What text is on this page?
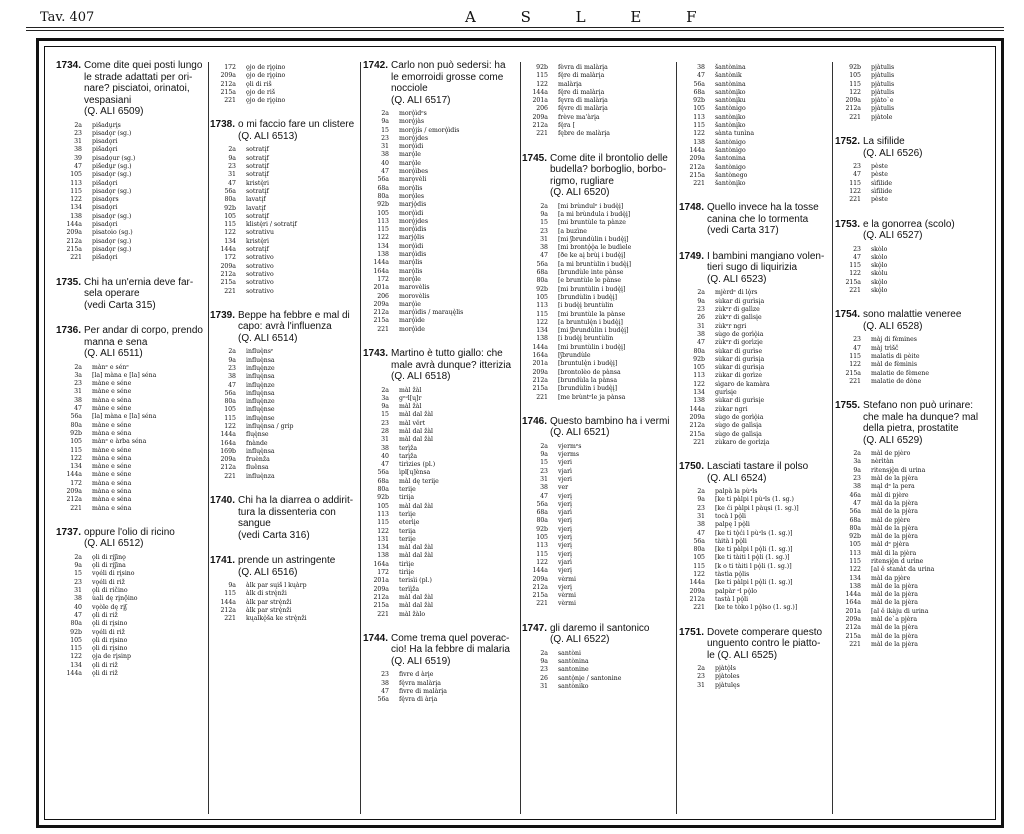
Tav. 407	A S L E F
1734. Come dite quei posti lungo
le strade adattati per ori-
nare? pisciatoi, orinatoi,
vespasiani
(Q. ALI 6509)
2a	pišadu̯ri̯s
23	pisadǫr (sg.)
31	pisadǫri
38	pišadǫri
39	pisadǫur (sg.)
47	pišedu̯r (sg.)
105	pisadǫr (sg.)
113	pišadǫri
115	pisadǫr (sg.)
122	pisadǫrs
134	pisadǫri
138	pisadǫr (sg.)
144a	pisadǫri
209a	pisatoio (sg.)
212a	pisadǫr (sg.)
215a	pisadǫr (sg.)
221	pišadǫri
1735. Chi ha un'ernia deve far-
sela operare
(vedi Carta 315)
1736. Per andar di corpo, prendo
manna e sena
(Q. ALI 6511)
2a	mànᵉ e sénᵉ
3a	[la] màna e [la] séna
23	màne e séne
31	màne e séne
38	màna e séna
47	màne e séne
56a	[la] màna e [la] séna
80a	màne e séne
92b	màna e séna
105	mànᵉ e àrba séna
115	màne e séne
122	màna e séna
134	màne e séne
144a	màne e séne
172	màna e séna
209a	màna e séna
212a	màna e séna
221	màna e séna
1737. oppure l'olio di ricino
(Q. ALI 6512)
2a	ǫli di ri̯ʃinǫ
9a	ǫli di ri̯ʃina
15	vǫéli di ri̯sino
23	vǫéli di riž
31	ǫli di ričino
38	ùali dę ri̯nǭino
40	vǫòle dę ri̯ʃ
47	ǫli di riž
80a	ǫli di ri̯sino
92b	vǫéli di riž
105	ǫli di ri̯sino
115	ǫli di ri̯sino
122	ǫja de ri̯sinp
134	ǫli di riž
144a	ǫli di riž
172	ǫjo de ri̯ǫino
209a	ǫjo de ri̯ǫino
212a	ǫli di riš
215a	ǫjo de riš
221	ǫjo de ri̯ǫino
1738. o mi faccio fare un clistere
(Q. ALI 6513)
2a	sotratįf
9a	sotratįf
23	sotratįf
31	sotratįf
47	kristę̀ri
56a	sotratįf
80a	lavatįf
92b	lavatįf
105	sotratįf
115	klistę̀ri / sotratįf
122	sotrativu
134	kristę̀ri
144a	sotratįf
172	sotrativo
209a	sotrativo
212a	sotrativo
215a	sotrativo
221	sotrativo
1739. Beppe ha febbre e mal di
capo: avrà l'influenza
(Q. ALI 6514)
2a	influę̀nsᵉ
9a	influę̀nsa
23	inflųę̀nze
38	inflųę̀nsa
47	inflųę̀nze
56a	inflųę̀nsa
80a	inflųę̀nze
105	inflųę̀nse
115	inflųę̀nse
122	inflųę̀nsa / grip
144a	flųę̀nse
164a	fnànde
169b	inflųę̀nsa
209a	fruènža
212a	fluè̀nsa
221	influę̀nza
1740. Chi ha la diarrea o addirit-
tura la dissenteria con
sangue
(vedi Carta 316)
1741. prende un astringente
(Q. ALI 6516)
9a	àlk par sųiš l kųàrp
115	àlk di strę̀nži
144a	àlk par strę̀nži
212a	àlk par strę̀nži
221	kųalkǫ̀ša ke strę̀nži
1742. Carlo non può sedersi: ha
le emorroidi grosse come
nocciole
(Q. ALI 6517)
2a	morǫ̀ìdᵉs
9a	morǫ̀jàs
15	morǫ̀jís / emorǫ̀ìdis
23	morǫ̀jdes
31	morǫ̀ìdi
38	marǫ̀le
40	marǫ̀le
47	morǫ̀ìbes
56a	marǫvèli
68a	morǫ̀lis
80a	morǫ̀les
92b	marjǫ̀dis
105	morǫ̀ìdi
113	morǫ̀jdes
115	morǫ̀ìdis
122	marjǫ̀lis
134	morǫ̀ìdi
138	marǫ̀ìdis
144a	marǫ̀lis
164a	marǫ̀lis
172	morǫ̀le
201a	marovèlis
206	morovèlis
209a	marǫ̀ìe
212a	marǫ̀ìdis / maraųę̀lis
215a	marǫ̀ìde
221	morǫ̀ìde
1743. Martino è tutto giallo: che
male avrà dunque? itterizia
(Q. ALI 6518)
2a	màl žàl
3a	gᵉᵊl[ų]r
9a	màl žàl
15	màl dal žàl
23	màl věrt
28	màl dal žàl
31	màl dal žàl
38	terį̀ža
40	tarį̀ža
47	tirìzies (pl.)
56a	ìpl[ų]ènsa
68a	màl dę teriįe
80a	teriįe
92b	tiriįa
105	màl dal žàl
113	terìįe
115	eterìįe
122	teriįa
131	teriįe
134	màl dal žàl
138	màl dal žàl
164a	tirìįe
172	tirìįe
201a	terisìi (pl.)
209a	terìį̀ža
212a	màl dal žàl
215a	màl dal žàl
221	màl žàlo
1744. Come trema quel poverac-
cio! Ha la febbre di malaria
(Q. ALI 6519)
23	fivre d àrįe
38	fę̀vra malàrįa
47	fivre di malàrįa
56a	fę̀vra di àrįa
92b	fèvra di malàrįa
115	fę̀re di malàrįa
122	malàrįa
144a	fę̀re di malàrįa
201a	fęvra di malàrįa
206	fę̀vre di malàrįa
209a	frève ma'àrįa
212a	fę̀ra [
221	fębre de malàrįa
1745. Come dite il brontolio delle
budella? borboglio, borbo-
rigmo, rugliare
(Q. ALI 6520)
2a	[mi brùndulᵉ i budę̀į]
9a	[a mi brùndula i budę̀į]
15	[mi bruntùle ta pànze
23	[a buzìne
31	[mi ʃbrundùlin i budę̀į]
38	[mi brontǫ̀ǫ̀a le budìele
47	[ðe ke aį brùį i budę̀į]
56a	[a mi bruntùlin i budę̀į]
68a	[brundùle inte pànse
80a	[e bruntùle le pànse
92b	[mi bruntùlin i budę̀į]
105	[brundùlin i budę̀į]
113	[i budę̀į bruntùlin
115	[mi bruntùle la pànse
122	[a bruntulę̀n i budę̀į]
134	[mi ʃbrundùlin i budę̀į]
138	[i budę̀į bruntùlin
144a	[mi bruntùlin i budę̀į]
164a	[ʃbrundùle
201a	[bruntulę̀n i budę̀į]
209a	[brontolèo de pànsa
212a	[brundùla la pànsa
215a	[brundùlin i budę̀į]
221	[me brùntᵉle ja pànsa
1746. Questo bambino ha i vermi
(Q. ALI 6521)
2a	vjermᵉs
9a	vjerms
15	vjeri
23	vjarì
31	vjeri
38	ver
47	vjerį
56a	vjerį
68a	vjarì
80a	vjerį
92b	vjerį
105	vjerį
113	vjerį
115	vjerį
122	vjarì
144a	vjerį
209a	vèrmi
212a	vjerį
215a	vèrmi
221	vèrmi
1747. gli daremo il santonico
(Q. ALI 6522)
2a	santòni
9a	santònina
23	santonine
26	santǫ̀nįe / santonine
31	santòniko
38	šantònina
47	šantònik
56a	santònina
68a	santònįko
92b	santònįku
105	šantònigo
113	santònįko
115	šantònįko
122	sànta tunìna
138	šantònigo
144a	šantònigo
209a	šantonina
212a	šantònigo
215a	šantònego
221	šantònįko
1748. Quello invece ha la tosse
canina che lo tormenta
(vedi Carta 317)
1749. I bambini mangiano volen-
tieri sugo di liquirizia
(Q. ALI 6523)
2a	mjèrdᵉ di lǫ̀rs
9a	sùkar di gurìsįa
23	zùkᵉr di galìze
26	zùkᵉr di galìsįe
31	zùkᵉr ngri
38	sùgo de gorìǫ̀ia
47	zùkᵉr di gorìzįe
80a	sùkar di gurìse
92b	sùkar di gurìsįa
105	sùkar di gurìsįa
113	zùkar di gorìze
122	sìgaro de kamàra
134	gurìsįe
138	sùkar di gurìsįe
144a	zùkar ngri
209a	sùgo de gorìǫ̀ia
212a	sùgo de galìsįa
215a	sùgo de galìsįa
221	zùkaro de gorìzįa
1750. Lasciati tastare il polso
(Q. ALI 6524)
2a	palpà la pùᵊls
9a	[ke ti pàlpi l pùᵊls (1. sg.)
23	[ke ći pàlpi l pàųsi (1. sg.)]
31	tocà l pǫ̀li
38	palpę l pǫ̀li
47	[ke ti tǫ̀ći l pùᵊls (1. sg.)]
56a	tàità l pǫ̀li
80a	[ke ti pàlpi l pǫ̀li (1. sg.)]
105	[ke ti tàiti l pǫ̀li (1. sg.)]
115	[k o ti tàiti l pǫ̀li (1. sg.)]
122	tàstìa pǫ̀lis
144a	[ke ti pàlpi l pǫ̀li (1. sg.)]
209a	palpàr ᵊl pǫ̀lo
212a	tastà l pǫ̀li
221	[ke te tòko l pǫ̀lso (1. sg.)]
1751. Dovete comperare questo
unguento contro le piatto-
le (Q. ALI 6525)
2a	pjàtǫ̀ls
23	pjàtoles
31	pjàtulęs
92b	pjàtulis
105	pjàtulis
115	pjàtulis
122	pjàtulis
209a	pjàto`e
212a	pjàtulis
221	pjàtole
1752. La sifilide
(Q. ALI 6526)
23	pèste
47	pèste
115	sìfìlide
122	sìfìlide
221	pèste
1753. e la gonorrea (scolo)
(Q. ALI 6527)
23	skòlo
47	skòlo
115	skǫ̀lo
122	skòlu
215a	skǫ̀lo
221	skǫ̀lo
1754. sono malattie veneree
(Q. ALI 6528)
23	màj di fèmines
47	màj trìšč
115	malatìs di pèite
122	màl de fèminis
215a	malatie de fèmene
221	malatie de dòne
1755. Stefano non può urinare:
che male ha dunque? mal
della pietra, prostatite
(Q. ALI 6529)
2a	màl de pjèro
3a	nèrìtàn
9a	ritensjǫ̀n di urina
23	màl de la pjèra
38	mąl dᵉ la pera
46a	màl di pjère
47	màl da la pjèra
56a	màl de la pjèra
68a	màl de pjère
80a	màl de la pjèra
92b	màl de la pjèra
105	màl dᵉ pjèra
113	màl di la pjèra
115	ritensjǫ̀n d urìne
122	[al ě stanàt da urina
134	màl da pjère
138	màl de la pjèra
144a	màl de la pjèra
164a	màl de la pjèra
201a	[al ě ikàju di urina
209a	màl de`a pjèra
212a	màl de la pjèra
215a	màl de la pjèra
221	màl de la pjèra
